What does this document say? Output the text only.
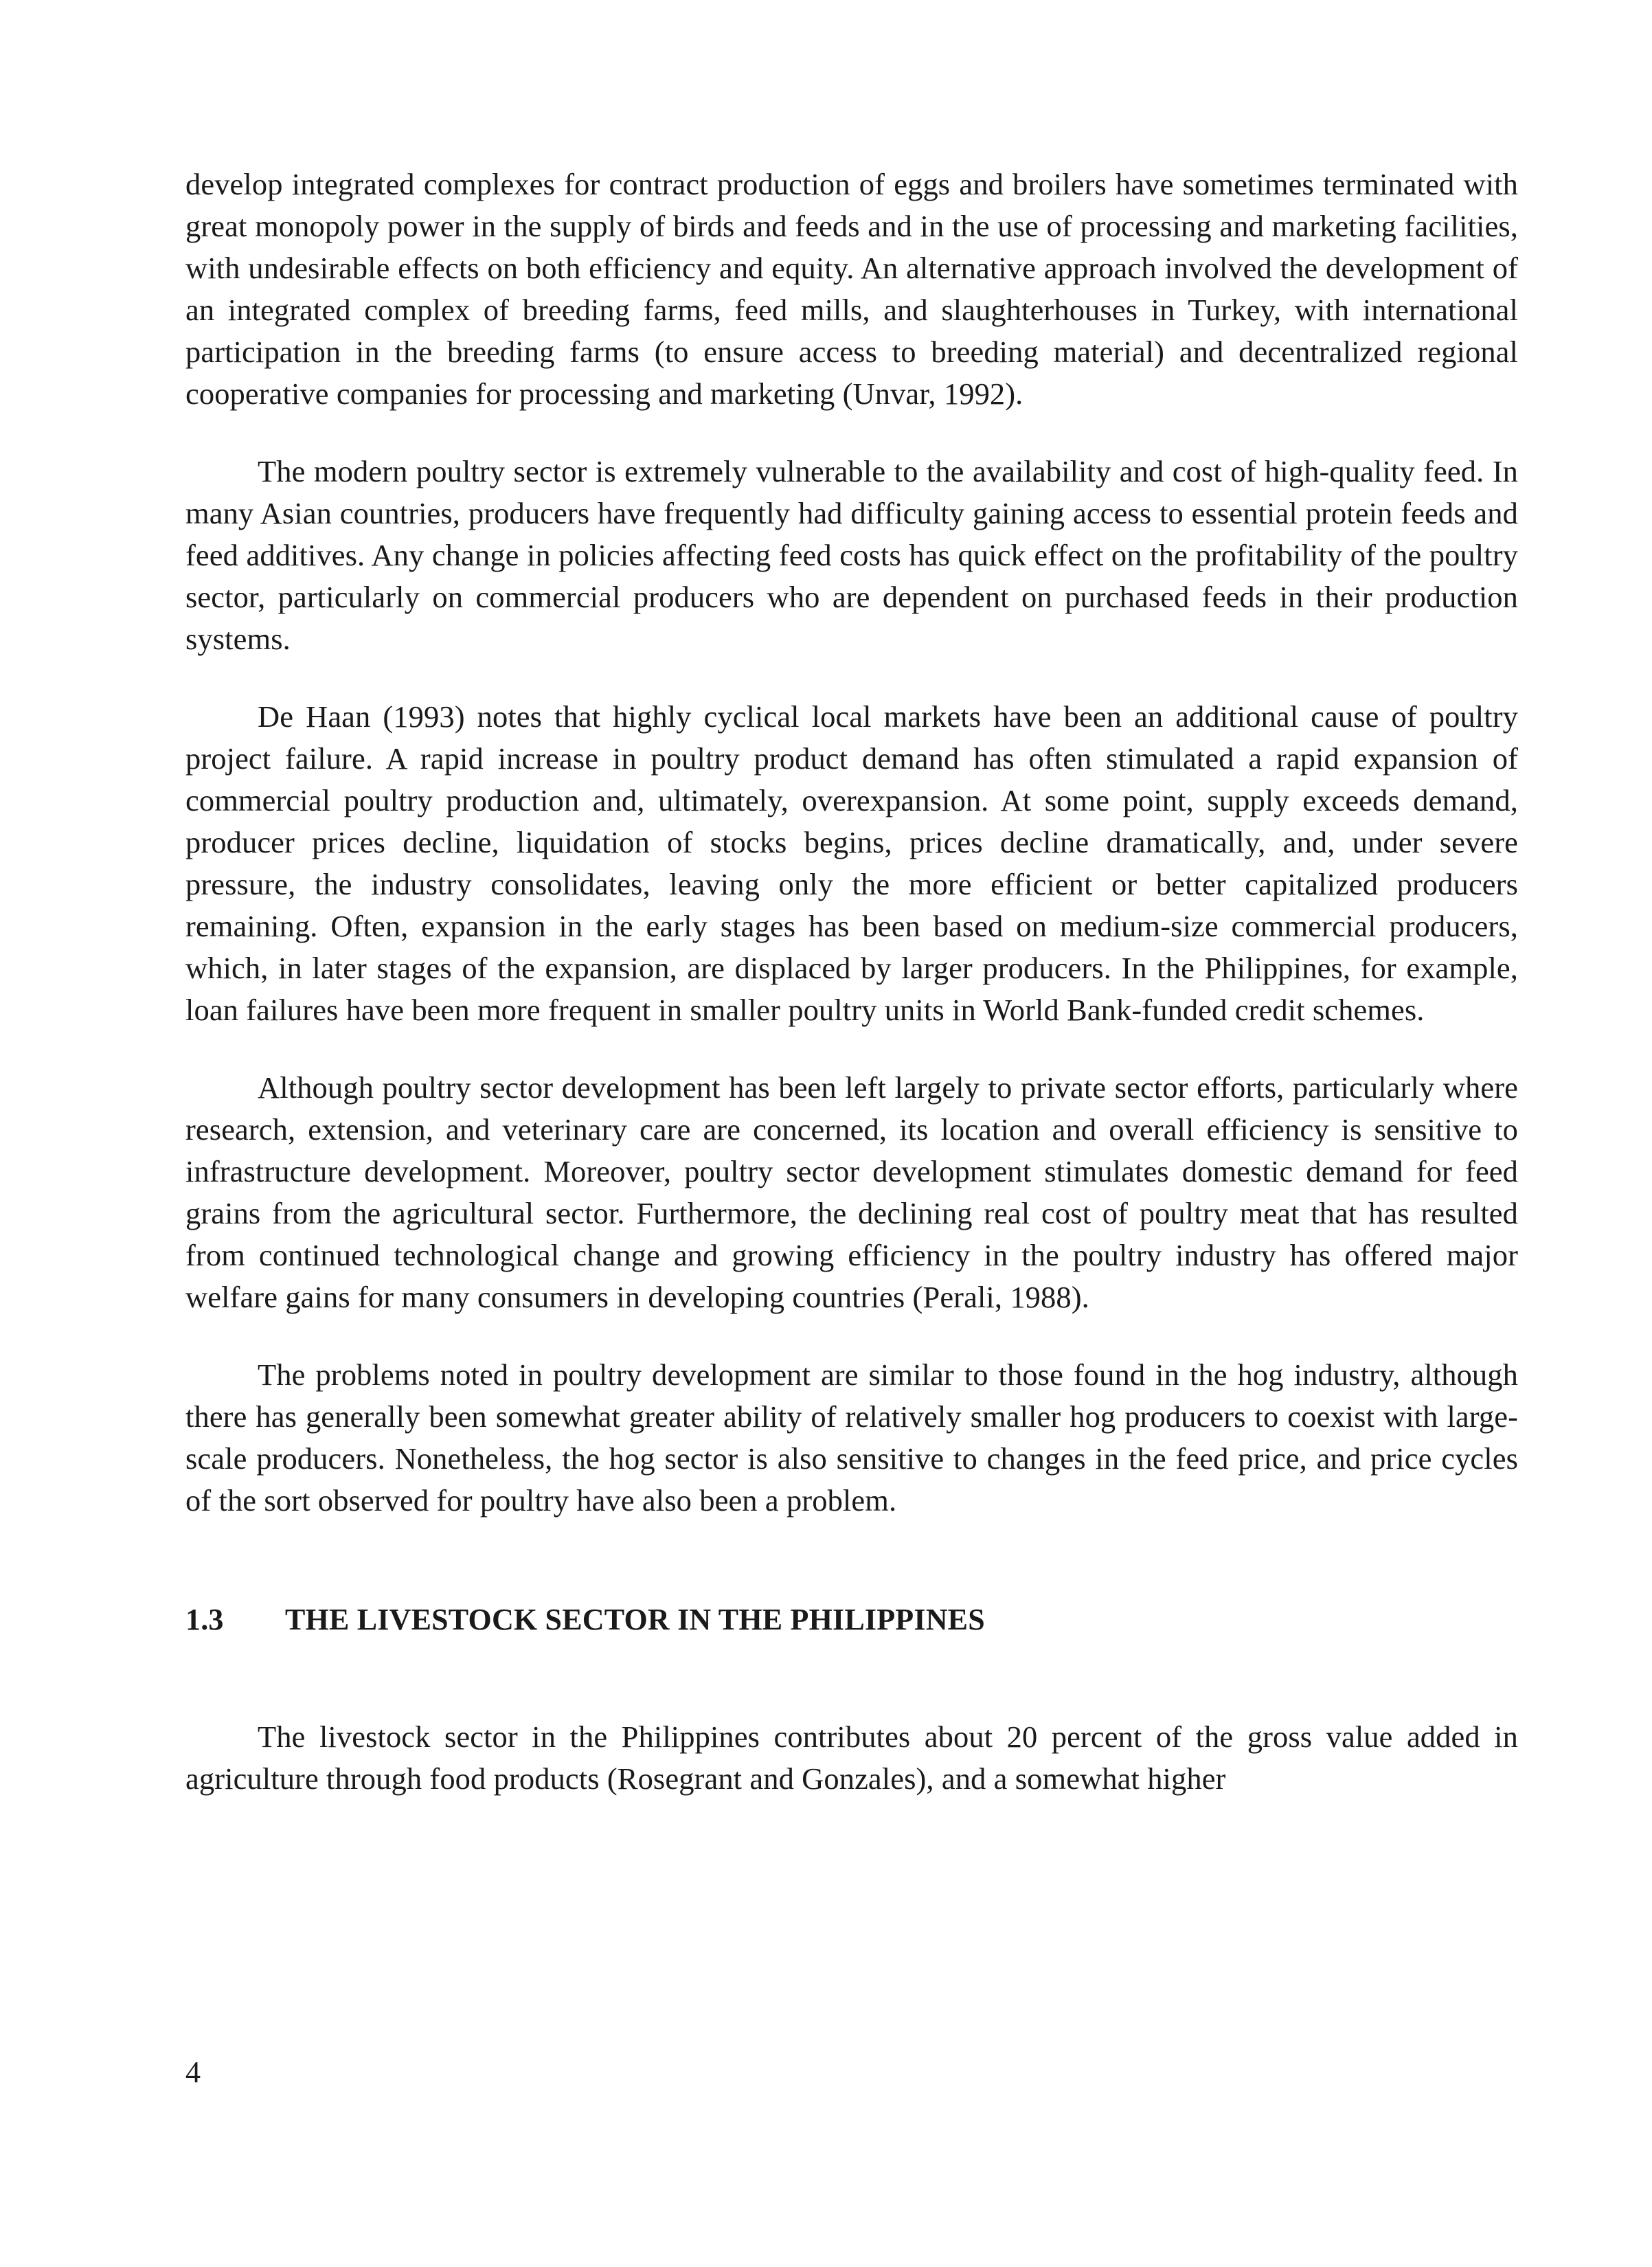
develop integrated complexes for contract production of eggs and broilers have sometimes terminated with great monopoly power in the supply of birds and feeds and in the use of processing and marketing facilities, with undesirable effects on both efficiency and equity. An alternative approach involved the development of an integrated complex of breeding farms, feed mills, and slaughterhouses in Turkey, with international participation in the breeding farms (to ensure access to breeding material) and decentralized regional cooperative companies for processing and marketing (Unvar, 1992).

The modern poultry sector is extremely vulnerable to the availability and cost of high-quality feed. In many Asian countries, producers have frequently had difficulty gaining access to essential protein feeds and feed additives. Any change in policies affecting feed costs has quick effect on the profitability of the poultry sector, particularly on commercial producers who are dependent on purchased feeds in their production systems.

De Haan (1993) notes that highly cyclical local markets have been an additional cause of poultry project failure. A rapid increase in poultry product demand has often stimulated a rapid expansion of commercial poultry production and, ultimately, overexpansion. At some point, supply exceeds demand, producer prices decline, liquidation of stocks begins, prices decline dramatically, and, under severe pressure, the industry consolidates, leaving only the more efficient or better capitalized producers remaining. Often, expansion in the early stages has been based on medium-size commercial producers, which, in later stages of the expansion, are displaced by larger producers. In the Philippines, for example, loan failures have been more frequent in smaller poultry units in World Bank-funded credit schemes.

Although poultry sector development has been left largely to private sector efforts, particularly where research, extension, and veterinary care are concerned, its location and overall efficiency is sensitive to infrastructure development. Moreover, poultry sector development stimulates domestic demand for feed grains from the agricultural sector. Furthermore, the declining real cost of poultry meat that has resulted from continued technological change and growing efficiency in the poultry industry has offered major welfare gains for many consumers in developing countries (Perali, 1988).

The problems noted in poultry development are similar to those found in the hog industry, although there has generally been somewhat greater ability of relatively smaller hog producers to coexist with large-scale producers. Nonetheless, the hog sector is also sensitive to changes in the feed price, and price cycles of the sort observed for poultry have also been a problem.

1.3 THE LIVESTOCK SECTOR IN THE PHILIPPINES

The livestock sector in the Philippines contributes about 20 percent of the gross value added in agriculture through food products (Rosegrant and Gonzales), and a somewhat higher

4
